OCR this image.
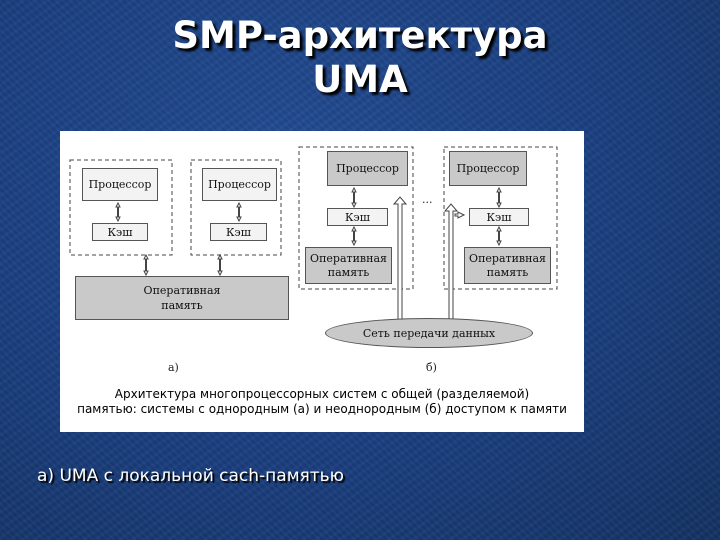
SMP-архитектура
UMA
Процессор
Кэш
Процессор
Кэш
Оперативная
память
Процессор
Кэш
Оперативная
память
Процессор
Кэш
Оперативная
память
Сеть передачи данных
...
а)	б)
Архитектура многопроцессорных систем с общей (разделяемой)
памятью: системы с однородным (а) и неоднородным (б) доступом к памяти
а) UMA с локальной cach-памятью
